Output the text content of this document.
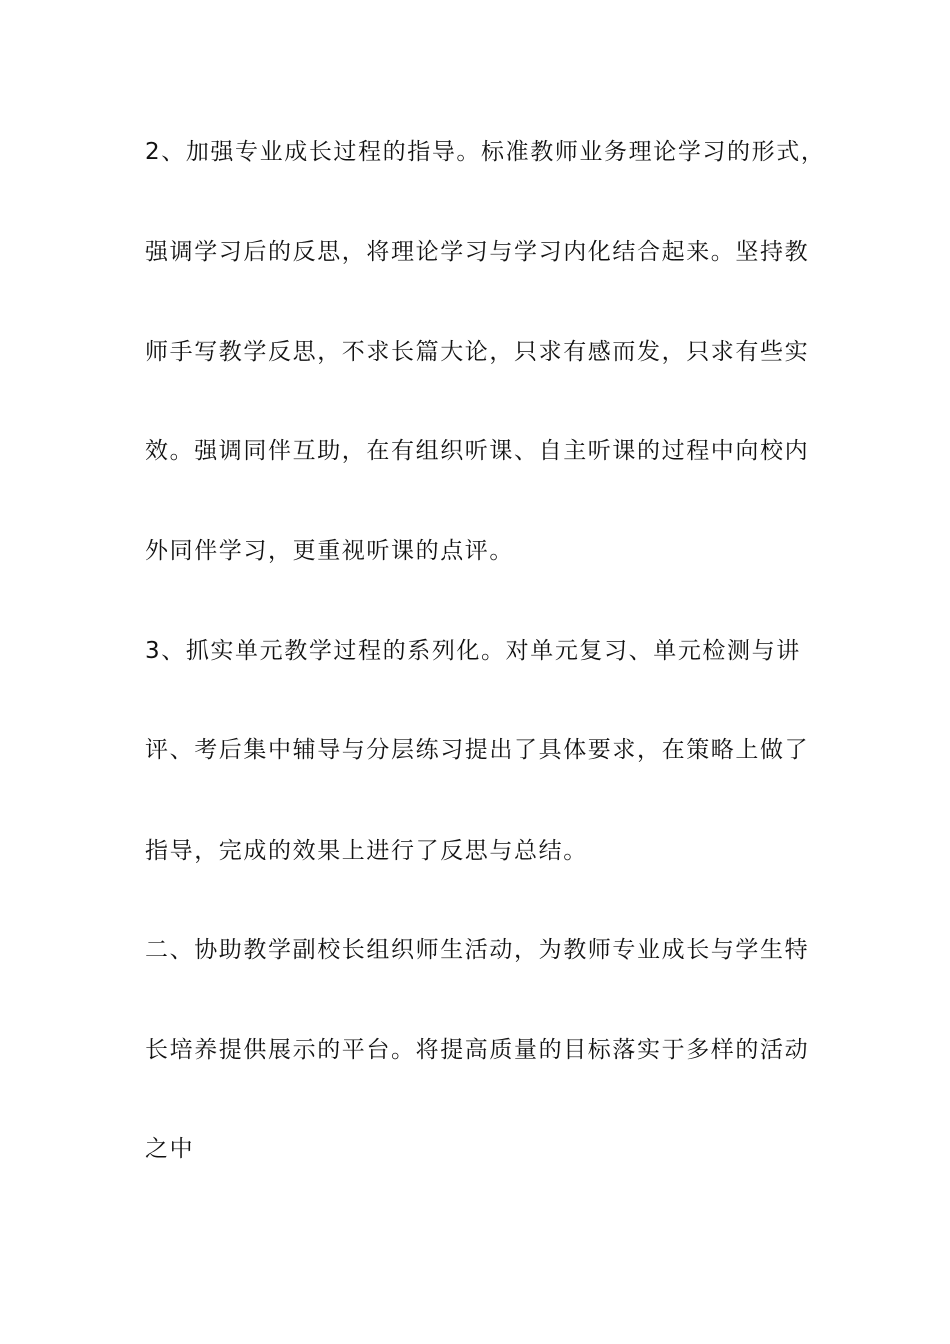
2、加强专业成长过程的指导。标准教师业务理论学习的形式，
强调学习后的反思，将理论学习与学习内化结合起来。坚持教
师手写教学反思，不求长篇大论，只求有感而发，只求有些实
效。强调同伴互助，在有组织听课、自主听课的过程中向校内
外同伴学习，更重视听课的点评。
3、抓实单元教学过程的系列化。对单元复习、单元检测与讲
评、考后集中辅导与分层练习提出了具体要求，在策略上做了
指导，完成的效果上进行了反思与总结。
二、协助教学副校长组织师生活动，为教师专业成长与学生特
长培养提供展示的平台。将提高质量的目标落实于多样的活动
之中
